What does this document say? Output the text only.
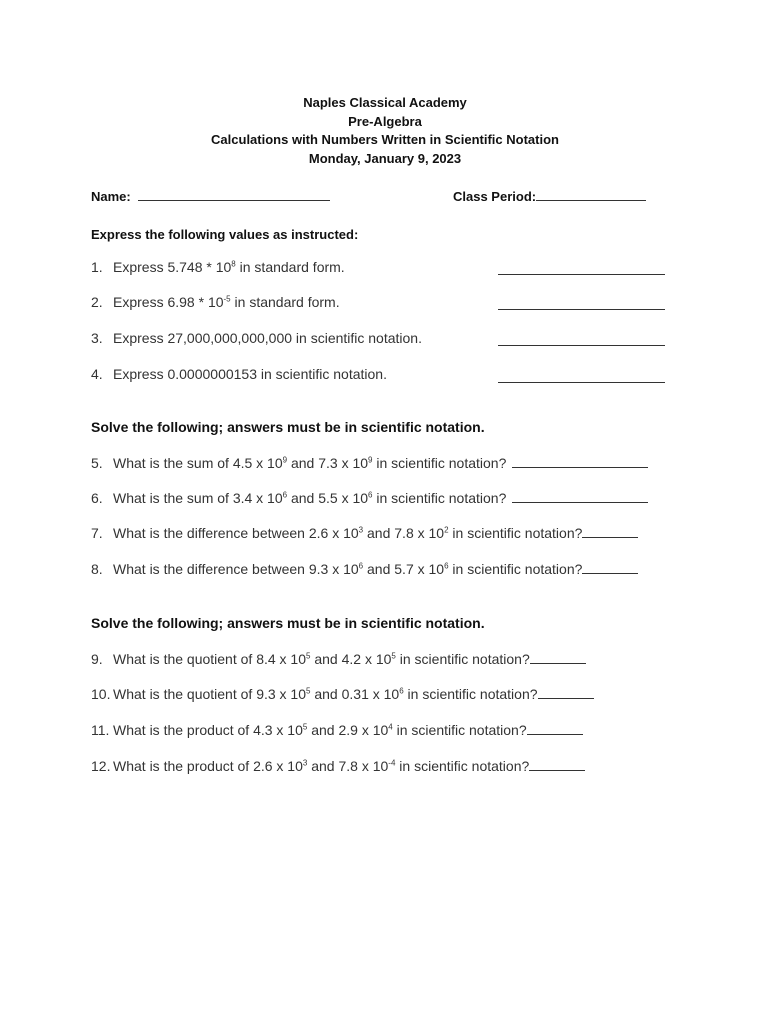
Naples Classical Academy
Pre-Algebra
Calculations with Numbers Written in Scientific Notation
Monday, January 9, 2023
Name:	Class Period:
Express the following values as instructed:
1. Express $5.748 * 10^8$ in standard form.
2. Express $6.98 * 10^{-5}$ in standard form.
3. Express 27,000,000,000,000 in scientific notation.
4. Express 0.0000000153 in scientific notation.
Solve the following; answers must be in scientific notation.
5. What is the sum of 4.5 x $10^9$ and 7.3 x $10^9$ in scientific notation?
6. What is the sum of 3.4 x $10^6$ and 5.5 x $10^6$ in scientific notation?
7. What is the difference between 2.6 x $10^3$ and 7.8 x $10^2$ in scientific notation?
8. What is the difference between 9.3 x $10^6$ and 5.7 x $10^6$ in scientific notation?
Solve the following; answers must be in scientific notation.
9. What is the quotient of 8.4 x $10^5$ and 4.2 x $10^5$ in scientific notation?
10. What is the quotient of 9.3 x $10^5$ and 0.31 x $10^6$ in scientific notation?
11. What is the product of 4.3 x $10^5$ and 2.9 x $10^4$ in scientific notation?
12. What is the product of 2.6 x $10^3$ and 7.8 x $10^{-4}$ in scientific notation?
